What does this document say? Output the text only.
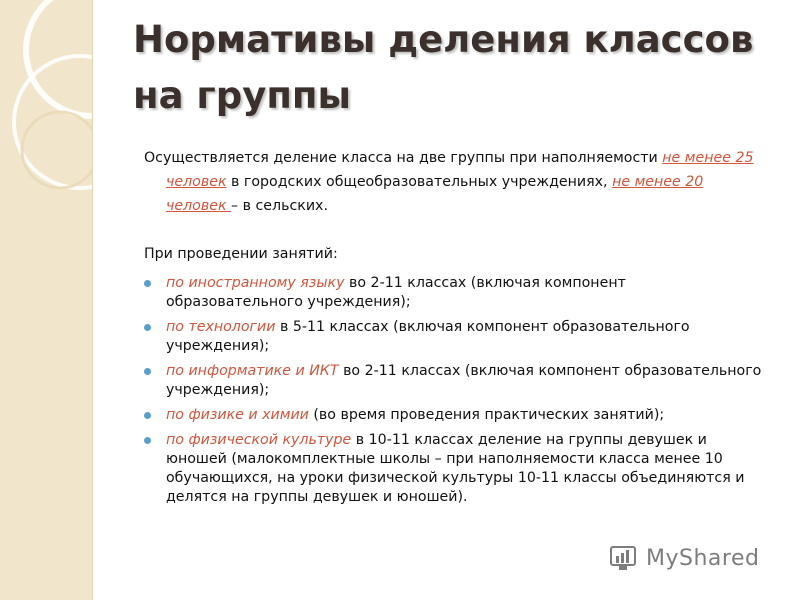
Нормативы деления классов на группы

Осуществляется деление класса на две группы при наполняемости не менее 25 человек в городских общеобразовательных учреждениях, не менее 20 человек – в сельских.

При проведении занятий:

по иностранному языку во 2-11 классах (включая компонент образовательного учреждения);
по технологии в 5-11 классах (включая компонент образовательного учреждения);
по информатике и ИКТ во 2-11 классах (включая компонент образовательного учреждения);
по физике и химии (во время проведения практических занятий);
по физической культуре в 10-11 классах деление на группы девушек и юношей (малокомплектные школы – при наполняемости класса менее 10 обучающихся, на уроки физической культуры 10-11 классы объединяются и делятся на группы девушек и юношей).
MyShared
